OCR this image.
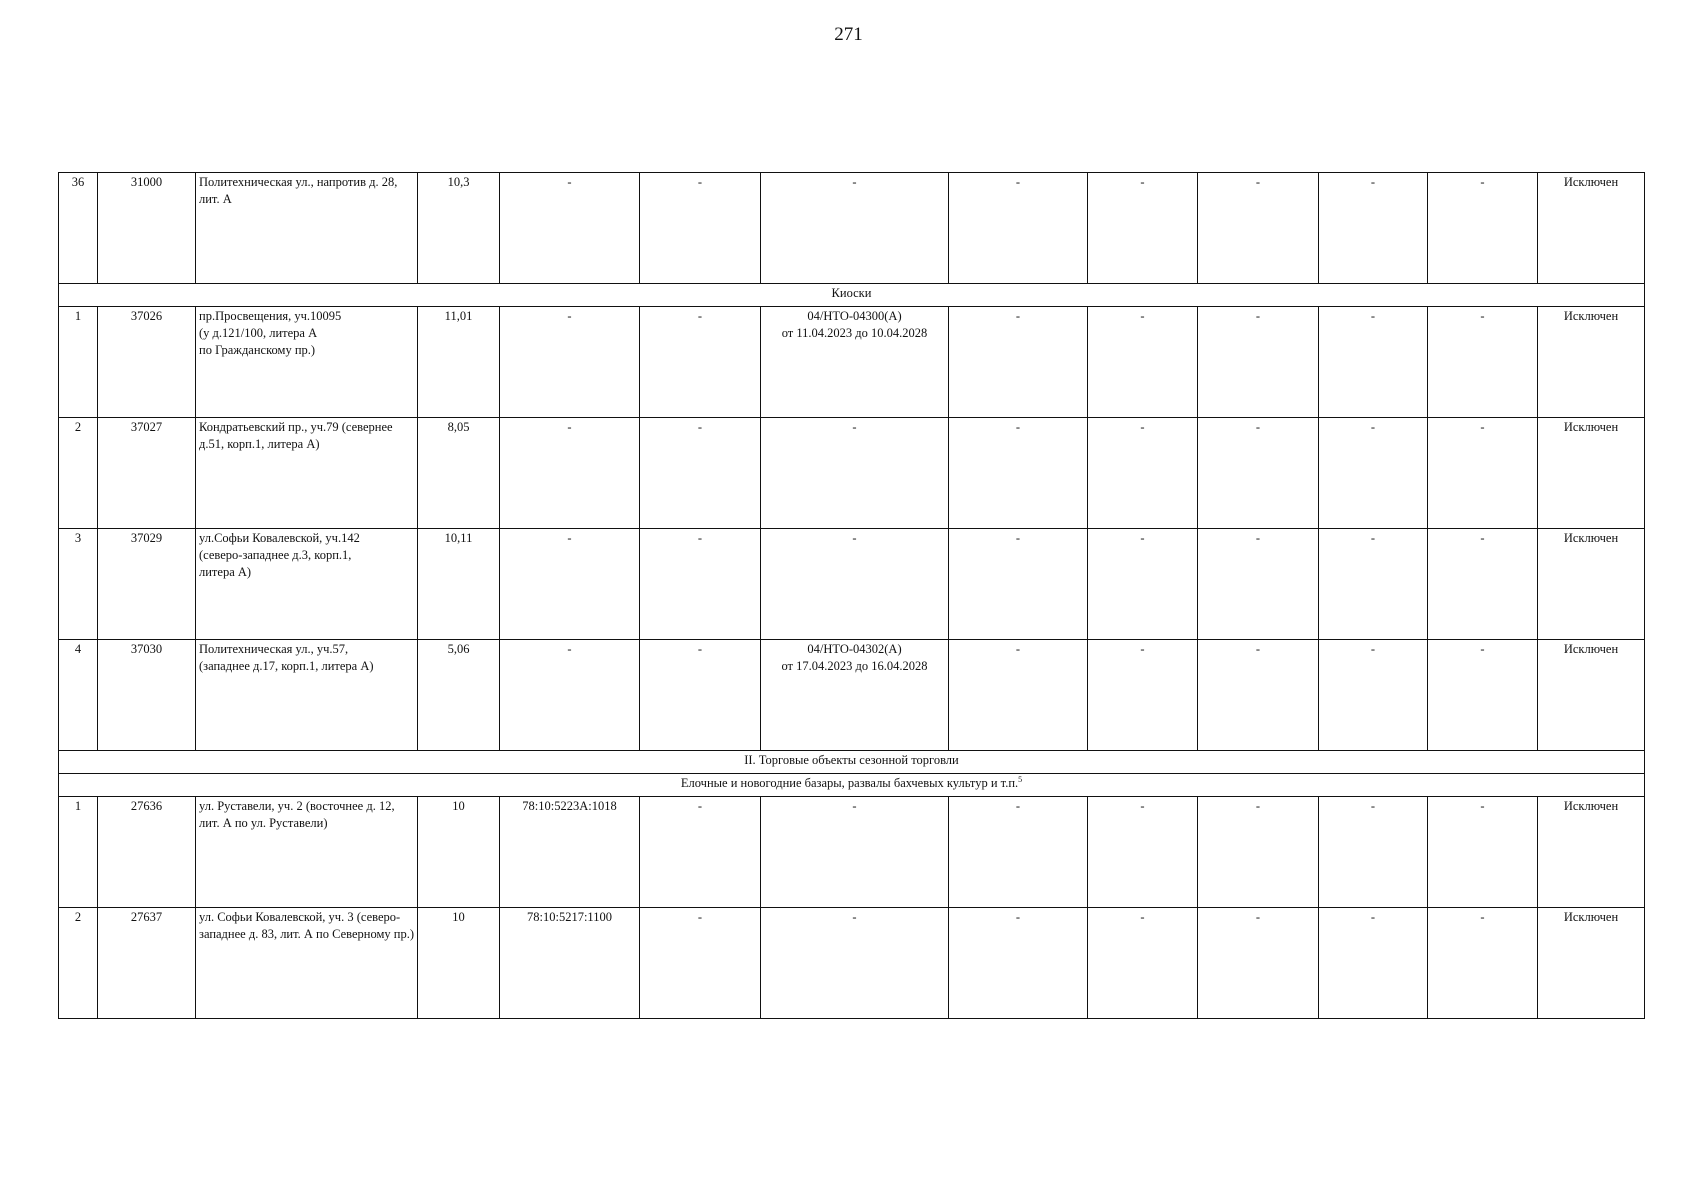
271
36	31000	Политехническая ул., напротив д. 28, лит. А	10,3	-	-	-	-	-	-	-	-	Исключен
Киоски												
1	37026	пр.Просвещения, уч.10095
(у д.121/100, литера А
по Гражданскому пр.)	11,01	-	-	04/НТО-04300(А)
от 11.04.2023 до 10.04.2028	-	-	-	-	-	Исключен
2	37027	Кондратьевский пр., уч.79 (севернее д.51, корп.1, литера А)	8,05	-	-	-	-	-	-	-	-	Исключен
3	37029	ул.Софьи Ковалевской, уч.142
(северо-западнее д.3, корп.1,
литера А)	10,11	-	-	-	-	-	-	-	-	Исключен
4	37030	Политехническая ул., уч.57,
(западнее д.17, корп.1, литера А)	5,06	-	-	04/НТО-04302(А)
от 17.04.2023 до 16.04.2028	-	-	-	-	-	Исключен
II. Торговые объекты сезонной торговли												
Елочные и новогодние базары, развалы бахчевых культур и т.п.$^5$
1	27636	ул. Руставели, уч. 2 (восточнее д. 12, лит. А по ул. Руставели)	10	78:10:5223А:1018	-	-	-	-	-	-	-	Исключен
2	27637	ул. Софьи Ковалевской, уч. 3 (северо-западнее д. 83, лит. А по Северному пр.)	10	78:10:5217:1100	-	-	-	-	-	-	-	Исключен
